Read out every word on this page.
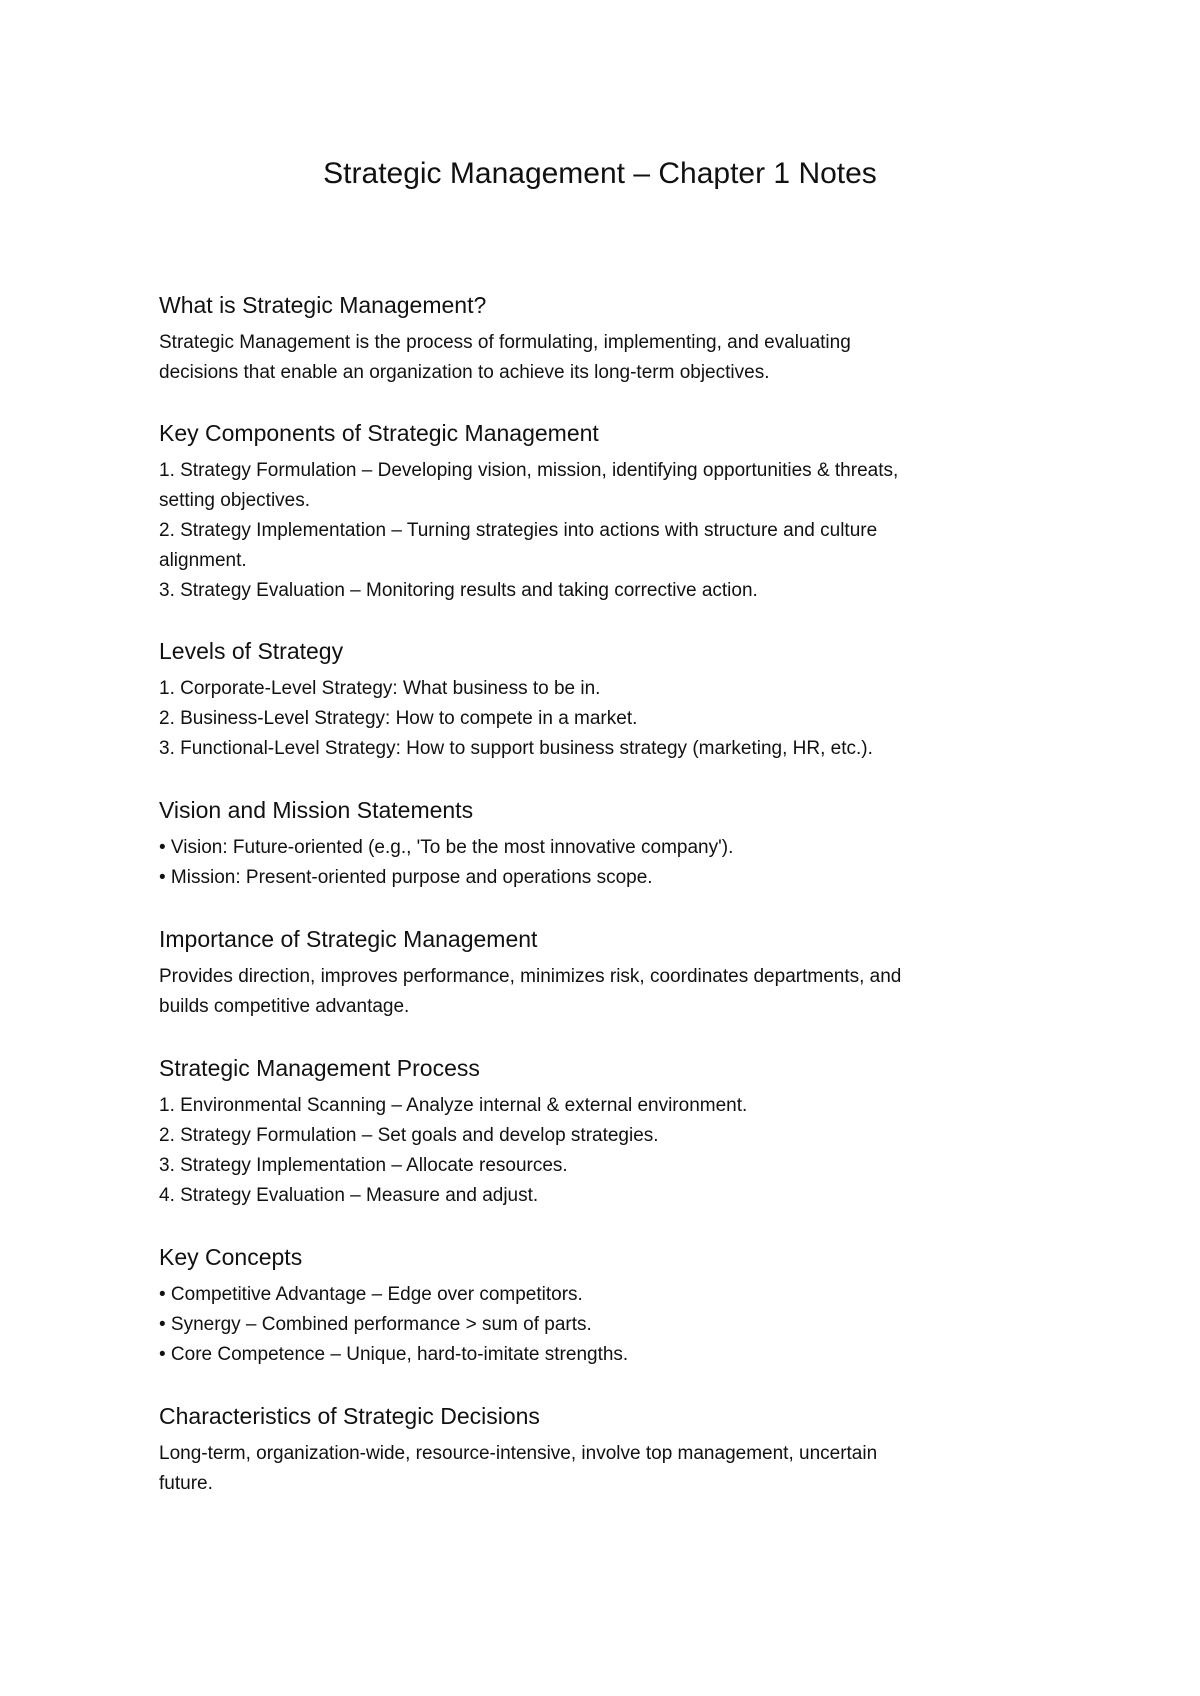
Strategic Management – Chapter 1 Notes
What is Strategic Management?

Strategic Management is the process of formulating, implementing, and evaluating

decisions that enable an organization to achieve its long-term objectives.

Key Components of Strategic Management

1. Strategy Formulation – Developing vision, mission, identifying opportunities & threats,

setting objectives.

2. Strategy Implementation – Turning strategies into actions with structure and culture

alignment.

3. Strategy Evaluation – Monitoring results and taking corrective action.

Levels of Strategy

1. Corporate-Level Strategy: What business to be in.

2. Business-Level Strategy: How to compete in a market.

3. Functional-Level Strategy: How to support business strategy (marketing, HR, etc.).

Vision and Mission Statements

• Vision: Future-oriented (e.g., 'To be the most innovative company').

• Mission: Present-oriented purpose and operations scope.

Importance of Strategic Management

Provides direction, improves performance, minimizes risk, coordinates departments, and

builds competitive advantage.

Strategic Management Process

1. Environmental Scanning – Analyze internal & external environment.

2. Strategy Formulation – Set goals and develop strategies.

3. Strategy Implementation – Allocate resources.

4. Strategy Evaluation – Measure and adjust.

Key Concepts

• Competitive Advantage – Edge over competitors.

• Synergy – Combined performance > sum of parts.

• Core Competence – Unique, hard-to-imitate strengths.

Characteristics of Strategic Decisions

Long-term, organization-wide, resource-intensive, involve top management, uncertain

future.
